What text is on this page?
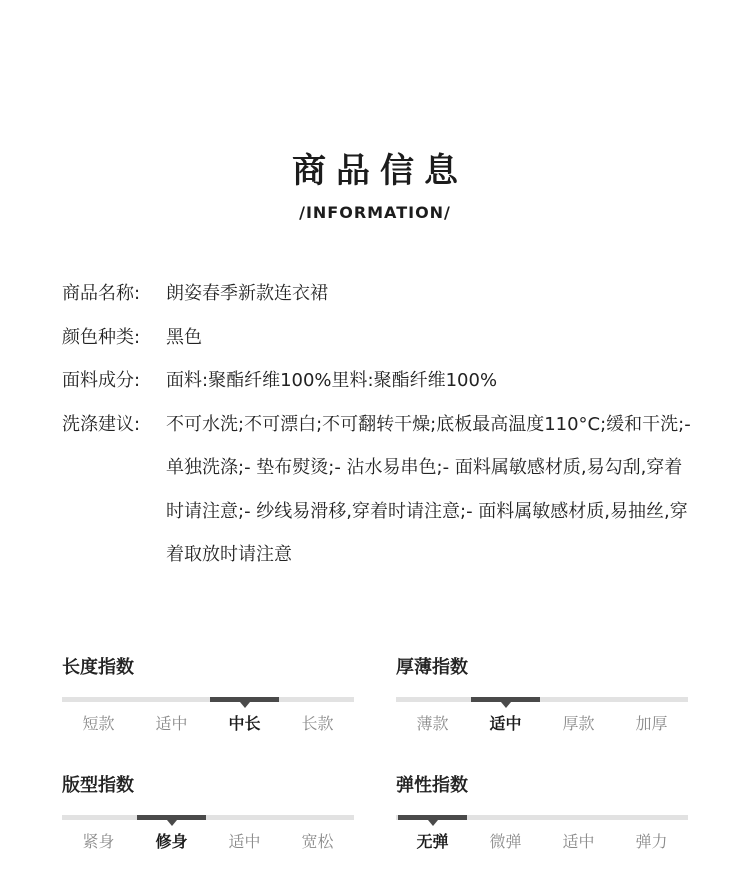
商品信息
/INFORMATION/
商品名称:	朗姿春季新款连衣裙
颜色种类:	黑色
面料成分:	面料:聚酯纤维100%里料:聚酯纤维100%
洗涤建议:	不可水洗;不可漂白;不可翻转干燥;底板最高温度110°C;缓和干洗;- 单独洗涤;- 垫布熨烫;- 沾水易串色;- 面料属敏感材质,易勾刮,穿着时请注意;- 纱线易滑移,穿着时请注意;- 面料属敏感材质,易抽丝,穿着取放时请注意
长度指数
短款	适中	中长	长款
厚薄指数
薄款	适中	厚款	加厚
版型指数
紧身	修身	适中	宽松
弹性指数
无弹	微弹	适中	弹力
